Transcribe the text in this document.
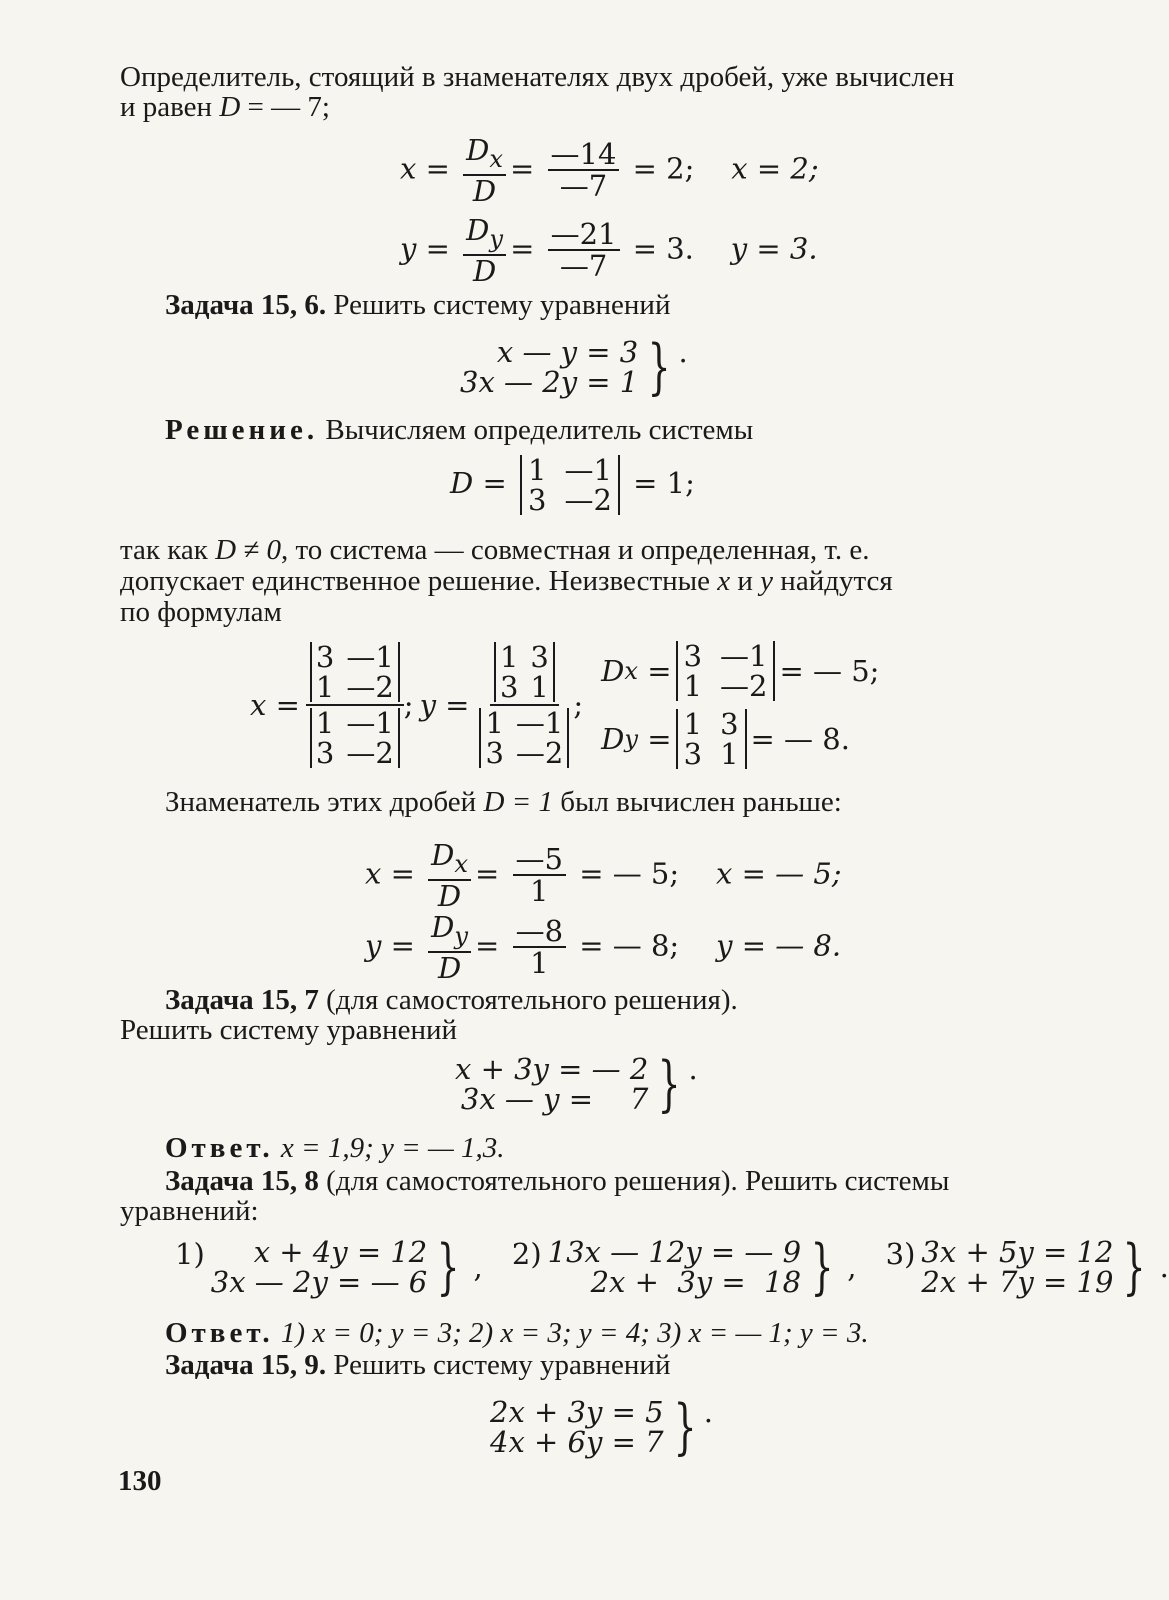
Определитель, стоящий в знаменателях двух дробей, уже вычислен
и равен D = — 7;
$x = \frac{D_x}{D} = \frac{—14}{—7} = 2$; x = 2;
$y = \frac{D_y}{D} = \frac{—21}{—7} = 3$. y = 3.
Задача 15, 6. Решить систему уравнений
x — y = 3
3x — 2y = 1 } .
Решение. Вычисляем определитель системы
D = 1 —1
3 —2 = 1;
так как D ≠ 0, то система — совместная и определенная, т. е.
допускает единственное решение. Неизвестные x и y найдутся
по формулам
x = 3 —1
1 —2
1 —1
3 —2 ; y = 1 3
3 1
1 —1
3 —2 ;
D x
= 3 —1
1 —2 = — 5;
D y
= 1 3
3 1 = — 8.
Знаменатель этих дробей D = 1 был вычислен раньше:
$x = \frac{D_x}{D} = \frac{—5}{1}$ = — 5; x = — 5;
$y = \frac{D_y}{D} = \frac{—8}{1}$ = — 8; y = — 8.
Задача 15, 7 (для самостоятельного решения).
Решить систему уравнений
x + 3y = — 2
3x — y =    7 } .
Ответ. x = 1,9; y = — 1,3.
Задача 15, 8 (для самостоятельного решения). Решить системы
уравнений:
1)	x + 4y = 12
3x — 2y = — 6 } ,
2) 13x — 12y = — 9
2x +  3y =  18 } ,
3) 3x + 5y = 12
2x + 7y = 19 } .
Ответ. 1) x = 0; y = 3; 2) x = 3; y = 4; 3) x = — 1; y = 3.
Задача 15, 9. Решить систему уравнений
2x + 3y = 5
4x + 6y = 7 } .
130
